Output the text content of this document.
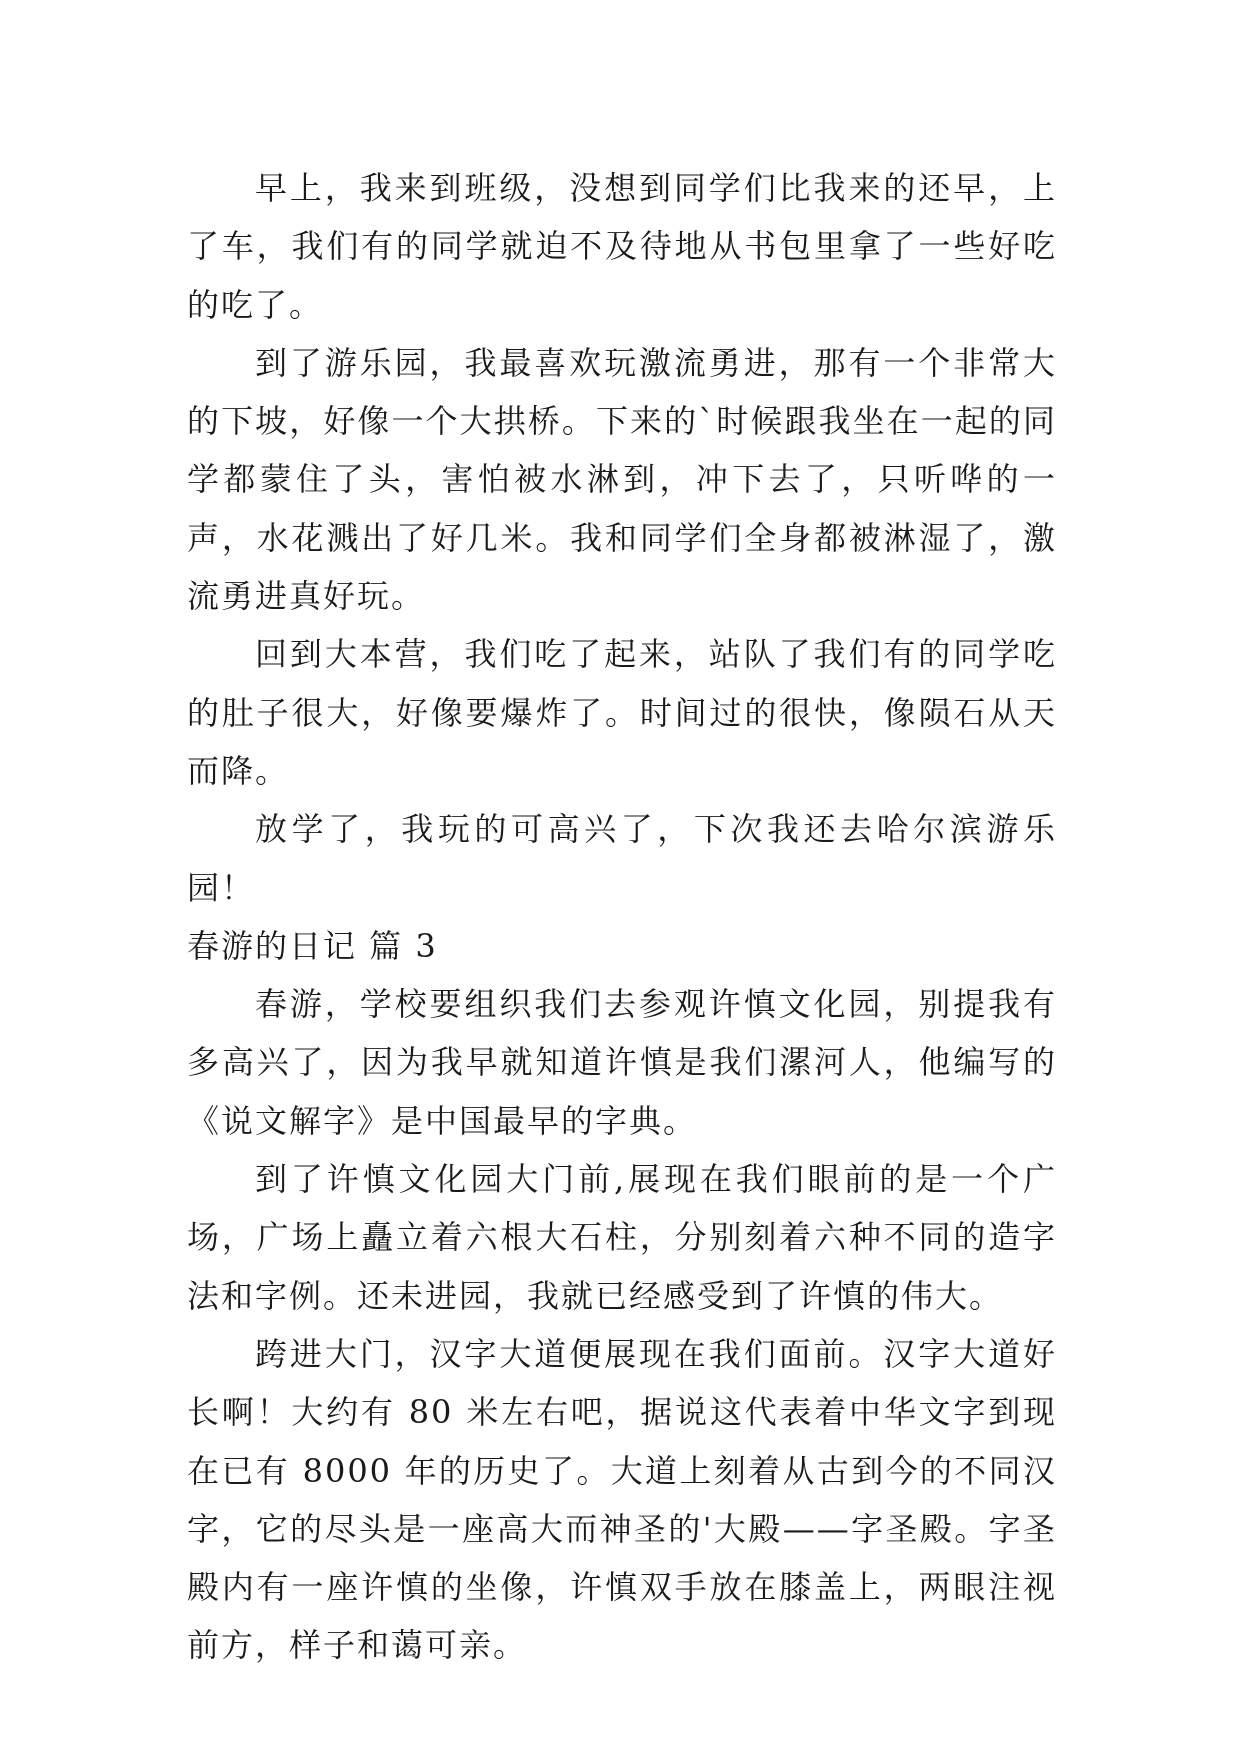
早上，我来到班级，没想到同学们比我来的还早，上了车，我们有的同学就迫不及待地从书包里拿了一些好吃的吃了。

到了游乐园，我最喜欢玩激流勇进，那有一个非常大的下坡，好像一个大拱桥。下来的`时候跟我坐在一起的同学都蒙住了头，害怕被水淋到，冲下去了，只听哗的一声，水花溅出了好几米。我和同学们全身都被淋湿了，激流勇进真好玩。

回到大本营，我们吃了起来，站队了我们有的同学吃的肚子很大，好像要爆炸了。时间过的很快，像陨石从天而降。

放学了，我玩的可高兴了，下次我还去哈尔滨游乐园！

春游的日记 篇 3

春游，学校要组织我们去参观许慎文化园，别提我有多高兴了，因为我早就知道许慎是我们漯河人，他编写的《说文解字》是中国最早的字典。

到了许慎文化园大门前,展现在我们眼前的是一个广场，广场上矗立着六根大石柱，分别刻着六种不同的造字法和字例。还未进园，我就已经感受到了许慎的伟大。

跨进大门，汉字大道便展现在我们面前。汉字大道好长啊！大约有 80 米左右吧，据说这代表着中华文字到现在已有 8000 年的历史了。大道上刻着从古到今的不同汉字，它的尽头是一座高大而神圣的'大殿——字圣殿。字圣殿内有一座许慎的坐像，许慎双手放在膝盖上，两眼注视前方，样子和蔼可亲。
